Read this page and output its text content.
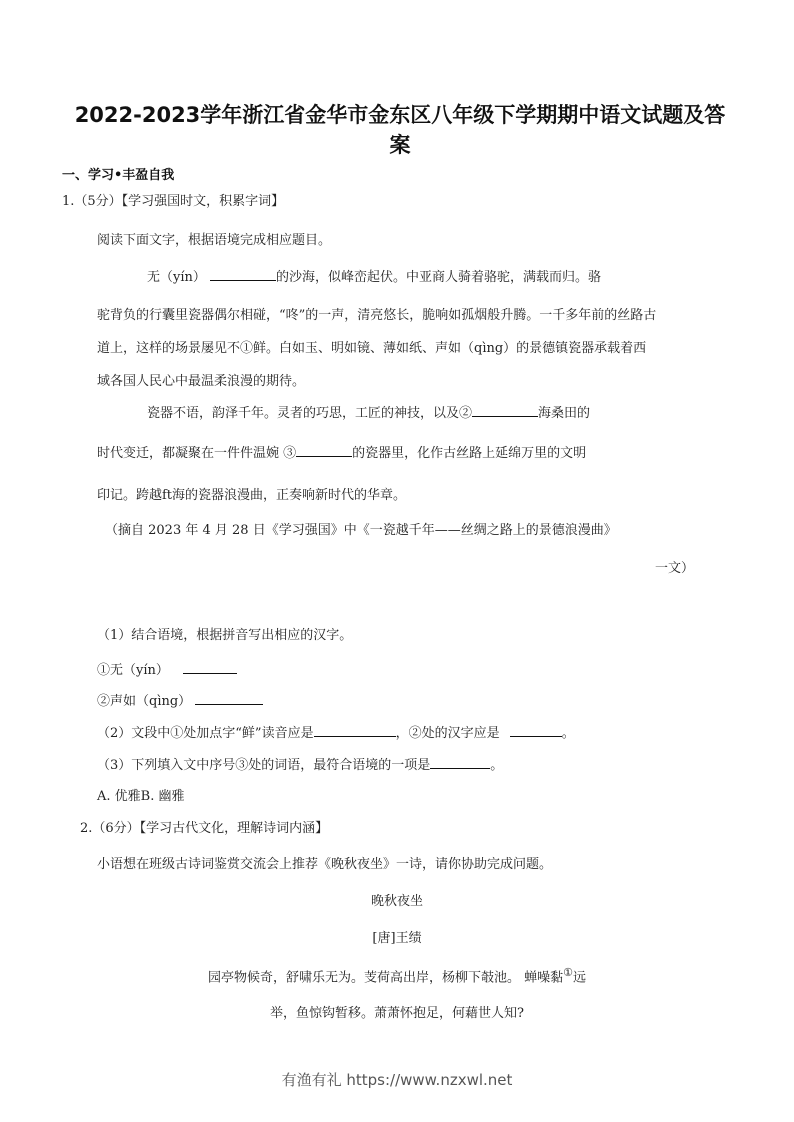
2022-2023学年浙江省金华市金东区八年级下学期期中语文试题及答
案
一、学习•丰盈自我
1.（5分）【学习强国时文，积累字词】
阅读下面文字，根据语境完成相应题目。
无（yín）	的沙海，似峰峦起伏。中亚商人骑着骆驼，满载而归。骆
驼背负的行囊里瓷器偶尔相碰，“咚”的一声，清亮悠长，脆响如孤烟般升腾。一千多年前的丝路古
道上，这样的场景屡见不①鲜。白如玉、明如镜、薄如纸、声如（qìng）的景德镇瓷器承载着西
域各国人民心中最温柔浪漫的期待。
瓷器不语，韵泽千年。灵者的巧思，工匠的神技，以及②	海桑田的
时代变迁，都凝聚在一件件温婉 ③	的瓷器里，化作古丝路上延绵万里的文明
印记。跨越ft海的瓷器浪漫曲，正奏响新时代的华章。
（摘自 2023 年 4 月 28 日《学习强国》中《一瓷越千年——丝绸之路上的景德浪漫曲》
一文）
（1）结合语境，根据拼音写出相应的汉字。
①无（yín）
②声如（qìng）
（2）文段中①处加点字“鲜”读音应是	，②处的汉字应是	。
（3）下列填入文中序号③处的词语，最符合语境的一项是	。
A. 优雅B. 幽雅
2.（6分）【学习古代文化，理解诗词内涵】
小语想在班级古诗词鉴赏交流会上推荐《晚秋夜坐》一诗，请你协助完成问题。
晚秋夜坐
[唐]王绩
园亭物候奇，舒啸乐无为。芰荷高出岸，杨柳下攲池。 蝉噪黏①远
举，鱼惊钩暂移。萧萧怀抱足，何藉世人知?
有渔有礼 https://www.nzxwl.net
